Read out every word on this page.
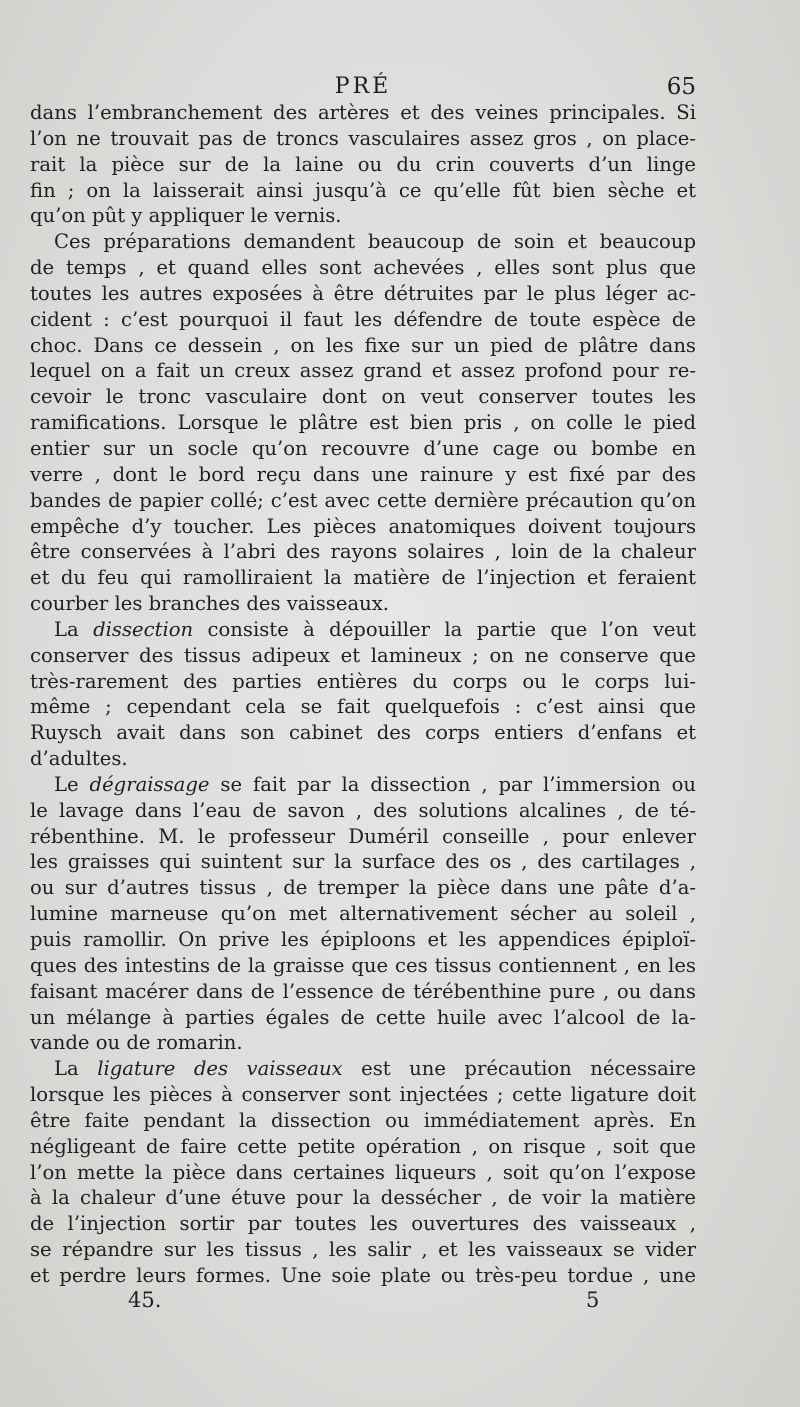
PRÉ	65
dans l’embranchement des artères et des veines principales. Si
l’on ne trouvait pas de troncs vasculaires assez gros , on place-
rait la pièce sur de la laine ou du crin couverts d’un linge
fin ; on la laisserait ainsi jusqu’à ce qu’elle fût bien sèche et
qu’on pût y appliquer le vernis.
Ces préparations demandent beaucoup de soin et beaucoup
de temps , et quand elles sont achevées , elles sont plus que
toutes les autres exposées à être détruites par le plus léger ac-
cident : c’est pourquoi il faut les défendre de toute espèce de
choc. Dans ce dessein , on les fixe sur un pied de plâtre dans
lequel on a fait un creux assez grand et assez profond pour re-
cevoir le tronc vasculaire dont on veut conserver toutes les
ramifications. Lorsque le plâtre est bien pris , on colle le pied
entier sur un socle qu’on recouvre d’une cage ou bombe en
verre , dont le bord reçu dans une rainure y est fixé par des
bandes de papier collé; c’est avec cette dernière précaution qu’on
empêche d’y toucher. Les pièces anatomiques doivent toujours
être conservées à l’abri des rayons solaires , loin de la chaleur
et du feu qui ramolliraient la matière de l’injection et feraient
courber les branches des vaisseaux.
La dissection consiste à dépouiller la partie que l’on veut
conserver des tissus adipeux et lamineux ; on ne conserve que
très-rarement des parties entières du corps ou le corps lui-
même ; cependant cela se fait quelquefois : c’est ainsi que
Ruysch avait dans son cabinet des corps entiers d’enfans et
d’adultes.
Le dégraissage se fait par la dissection , par l’immersion ou
le lavage dans l’eau de savon , des solutions alcalines , de té-
rébenthine. M. le professeur Duméril conseille , pour enlever
les graisses qui suintent sur la surface des os , des cartilages ,
ou sur d’autres tissus , de tremper la pièce dans une pâte d’a-
lumine marneuse qu’on met alternativement sécher au soleil ,
puis ramollir. On prive les épiploons et les appendices épiploï-
ques des intestins de la graisse que ces tissus contiennent , en les
faisant macérer dans de l’essence de térébenthine pure , ou dans
un mélange à parties égales de cette huile avec l’alcool de la-
vande ou de romarin.
La ligature des vaisseaux est une précaution nécessaire
lorsque les pièces à conserver sont injectées ; cette ligature doit
être faite pendant la dissection ou immédiatement après. En
négligeant de faire cette petite opération , on risque , soit que
l’on mette la pièce dans certaines liqueurs , soit qu’on l’expose
à la chaleur d’une étuve pour la dessécher , de voir la matière
de l’injection sortir par toutes les ouvertures des vaisseaux ,
se répandre sur les tissus , les salir , et les vaisseaux se vider
et perdre leurs formes. Une soie plate ou très-peu tordue , une
45.	5
